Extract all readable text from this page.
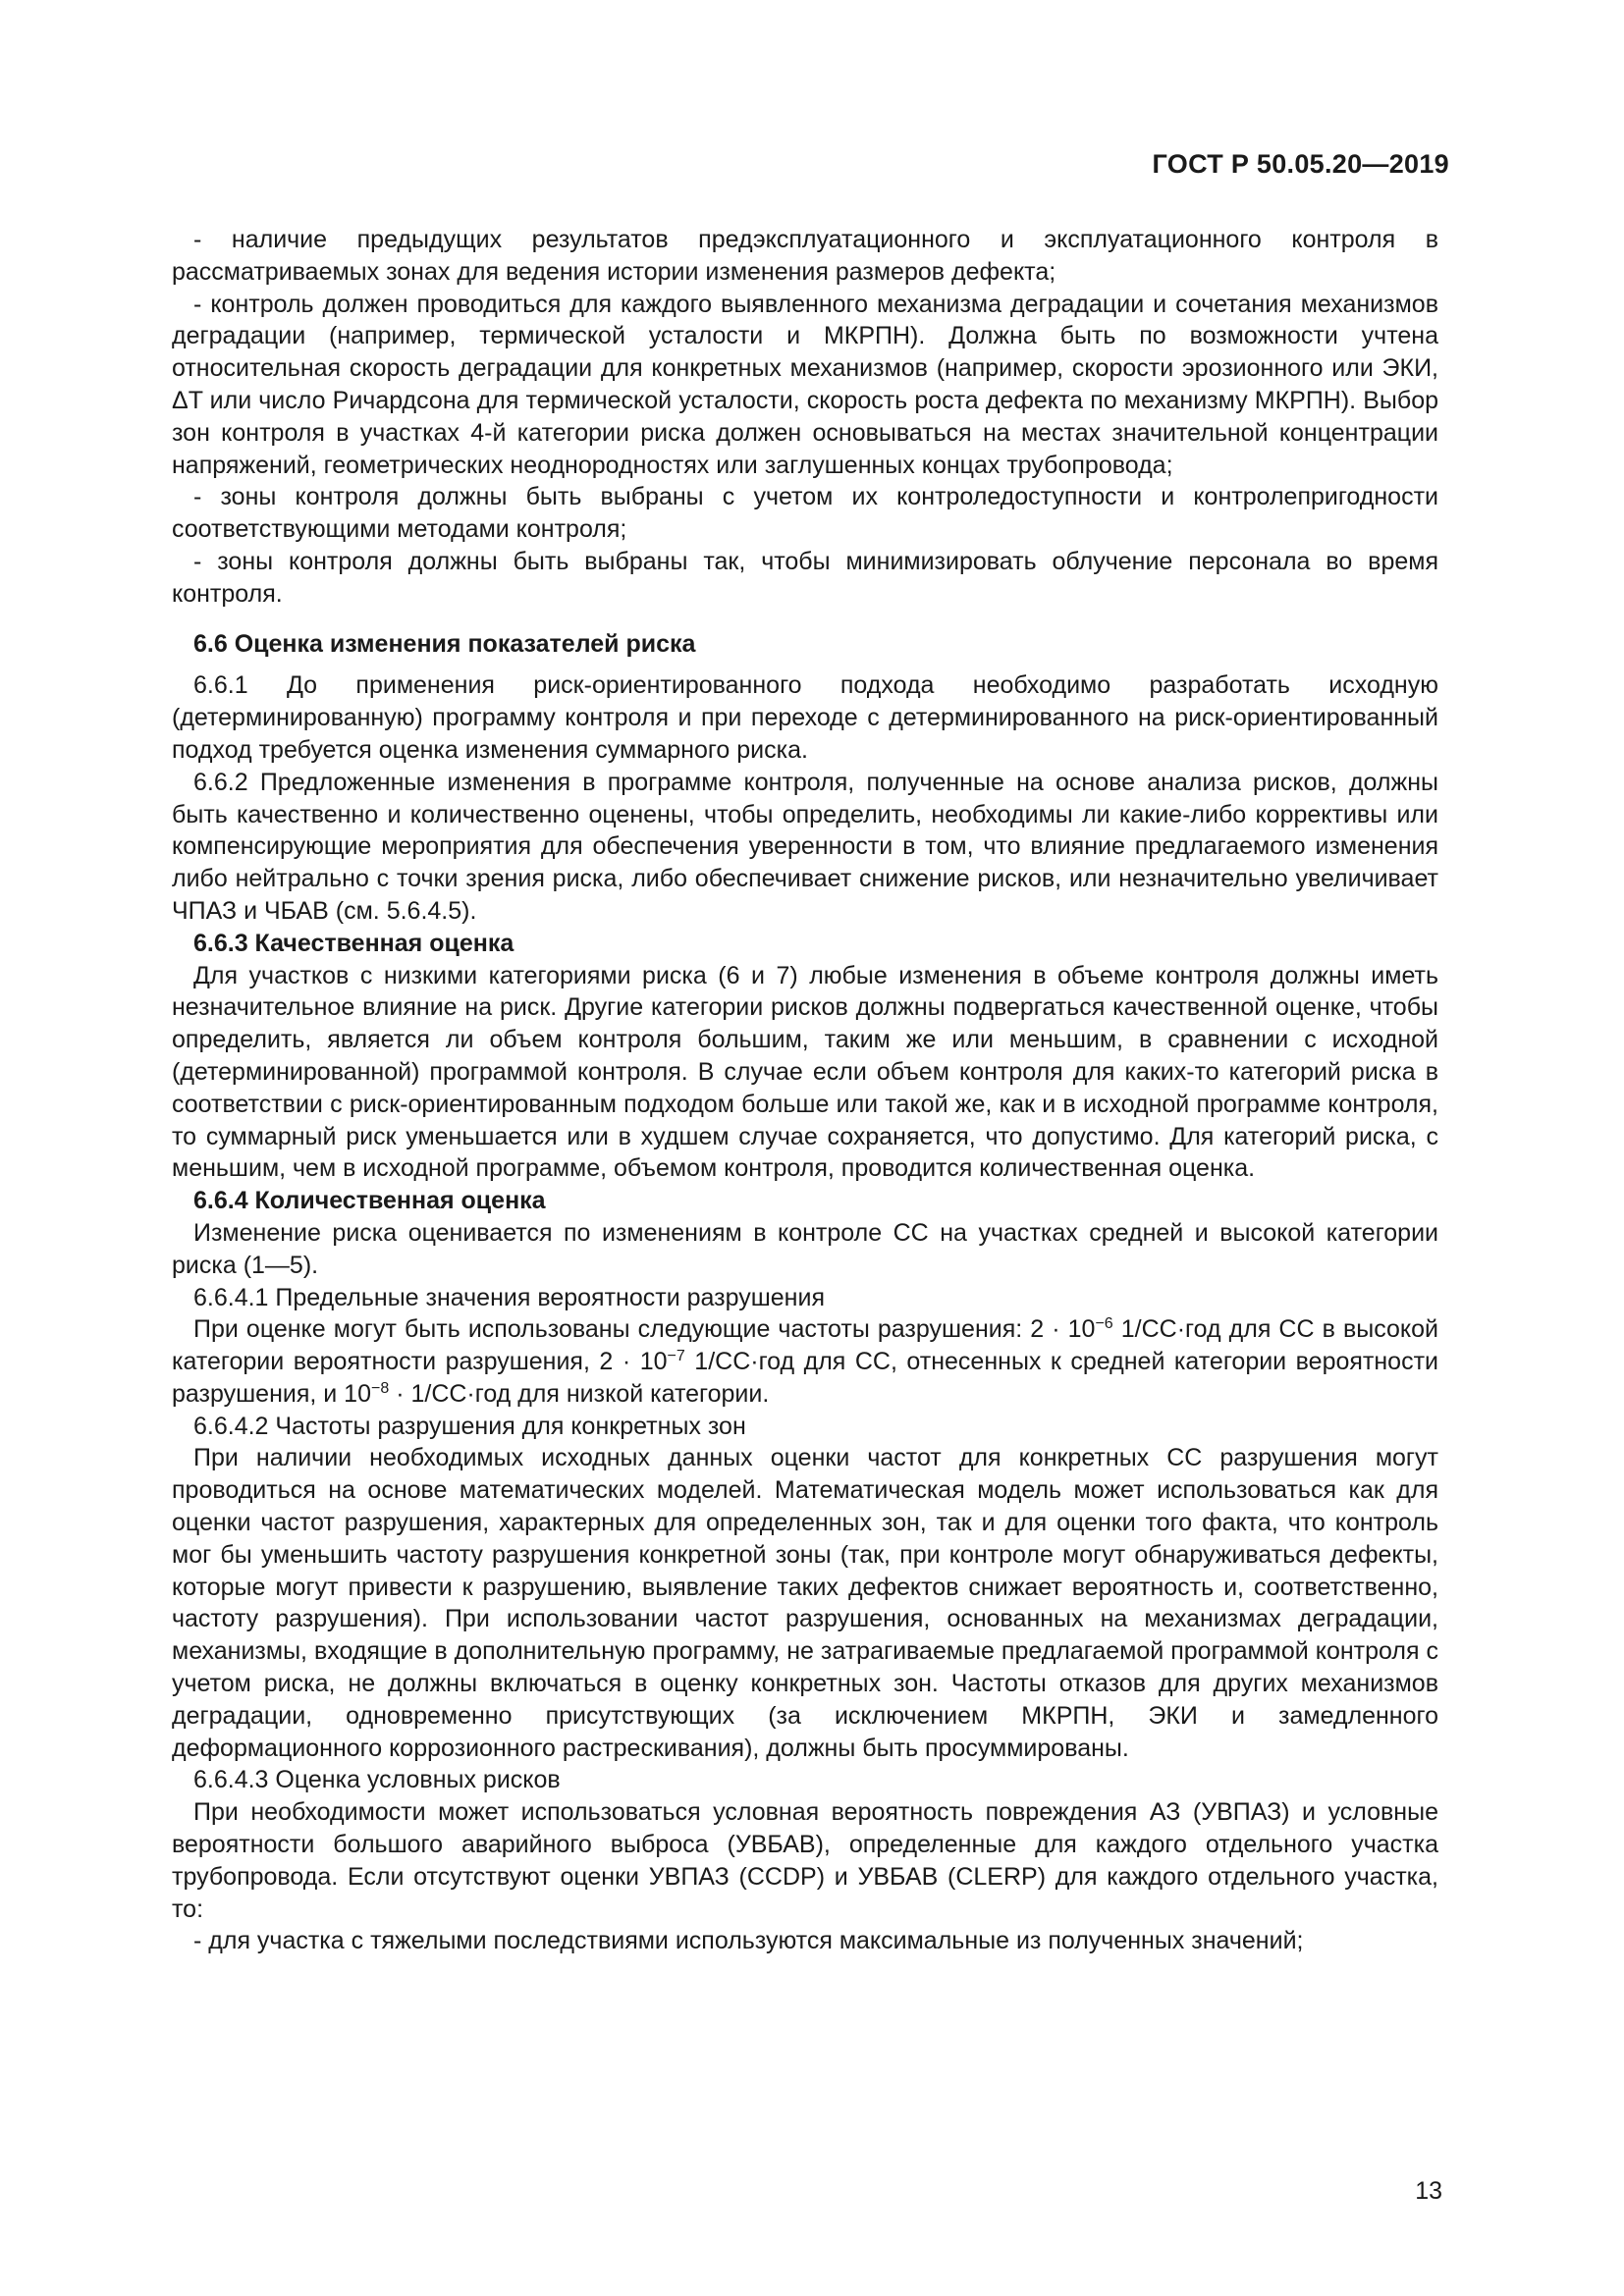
ГОСТ Р 50.05.20—2019

- наличие предыдущих результатов предэксплуатационного и эксплуатационного контроля в рассматриваемых зонах для ведения истории изменения размеров дефекта;

- контроль должен проводиться для каждого выявленного механизма деградации и сочетания механизмов деградации (например, термической усталости и МКРПН). Должна быть по возможности учтена относительная скорость деградации для конкретных механизмов (например, скорости эрозионного или ЭКИ, ΔT или число Ричардсона для термической усталости, скорость роста дефекта по механизму МКРПН). Выбор зон контроля в участках 4-й категории риска должен основываться на местах значительной концентрации напряжений, геометрических неоднородностях или заглушенных концах трубопровода;

- зоны контроля должны быть выбраны с учетом их контроледоступности и контролепригодности соответствующими методами контроля;

- зоны контроля должны быть выбраны так, чтобы минимизировать облучение персонала во время контроля.

6.6 Оценка изменения показателей риска

6.6.1 До применения риск-ориентированного подхода необходимо разработать исходную (детерминированную) программу контроля и при переходе с детерминированного на риск-ориентированный подход требуется оценка изменения суммарного риска.

6.6.2 Предложенные изменения в программе контроля, полученные на основе анализа рисков, должны быть качественно и количественно оценены, чтобы определить, необходимы ли какие-либо коррективы или компенсирующие мероприятия для обеспечения уверенности в том, что влияние предлагаемого изменения либо нейтрально с точки зрения риска, либо обеспечивает снижение рисков, или незначительно увеличивает ЧПАЗ и ЧБАВ (см. 5.6.4.5).

6.6.3 Качественная оценка

Для участков с низкими категориями риска (6 и 7) любые изменения в объеме контроля должны иметь незначительное влияние на риск. Другие категории рисков должны подвергаться качественной оценке, чтобы определить, является ли объем контроля большим, таким же или меньшим, в сравнении с исходной (детерминированной) программой контроля. В случае если объем контроля для каких-то категорий риска в соответствии с риск-ориентированным подходом больше или такой же, как и в исходной программе контроля, то суммарный риск уменьшается или в худшем случае сохраняется, что допустимо. Для категорий риска, с меньшим, чем в исходной программе, объемом контроля, проводится количественная оценка.

6.6.4 Количественная оценка

Изменение риска оценивается по изменениям в контроле СС на участках средней и высокой категории риска (1—5).

6.6.4.1 Предельные значения вероятности разрушения

При оценке могут быть использованы следующие частоты разрушения: $2 \cdot 10^{-6}$ 1/СС·год для СС в высокой категории вероятности разрушения, $2 \cdot 10^{-7}$ 1/СС·год для СС, отнесенных к средней категории вероятности разрушения, и $10^{-8} \cdot 1/СС\cdot год$ для низкой категории.

6.6.4.2 Частоты разрушения для конкретных зон

При наличии необходимых исходных данных оценки частот для конкретных СС разрушения могут проводиться на основе математических моделей. Математическая модель может использоваться как для оценки частот разрушения, характерных для определенных зон, так и для оценки того факта, что контроль мог бы уменьшить частоту разрушения конкретной зоны (так, при контроле могут обнаруживаться дефекты, которые могут привести к разрушению, выявление таких дефектов снижает вероятность и, соответственно, частоту разрушения). При использовании частот разрушения, основанных на механизмах деградации, механизмы, входящие в дополнительную программу, не затрагиваемые предлагаемой программой контроля с учетом риска, не должны включаться в оценку конкретных зон. Частоты отказов для других механизмов деградации, одновременно присутствующих (за исключением МКРПН, ЭКИ и замедленного деформационного коррозионного растрескивания), должны быть просуммированы.

6.6.4.3 Оценка условных рисков

При необходимости может использоваться условная вероятность повреждения АЗ (УВПАЗ) и условные вероятности большого аварийного выброса (УВБАВ), определенные для каждого отдельного участка трубопровода. Если отсутствуют оценки УВПАЗ (CCDP) и УВБАВ (CLERP) для каждого отдельного участка, то:

- для участка с тяжелыми последствиями используются максимальные из полученных значений;

13
